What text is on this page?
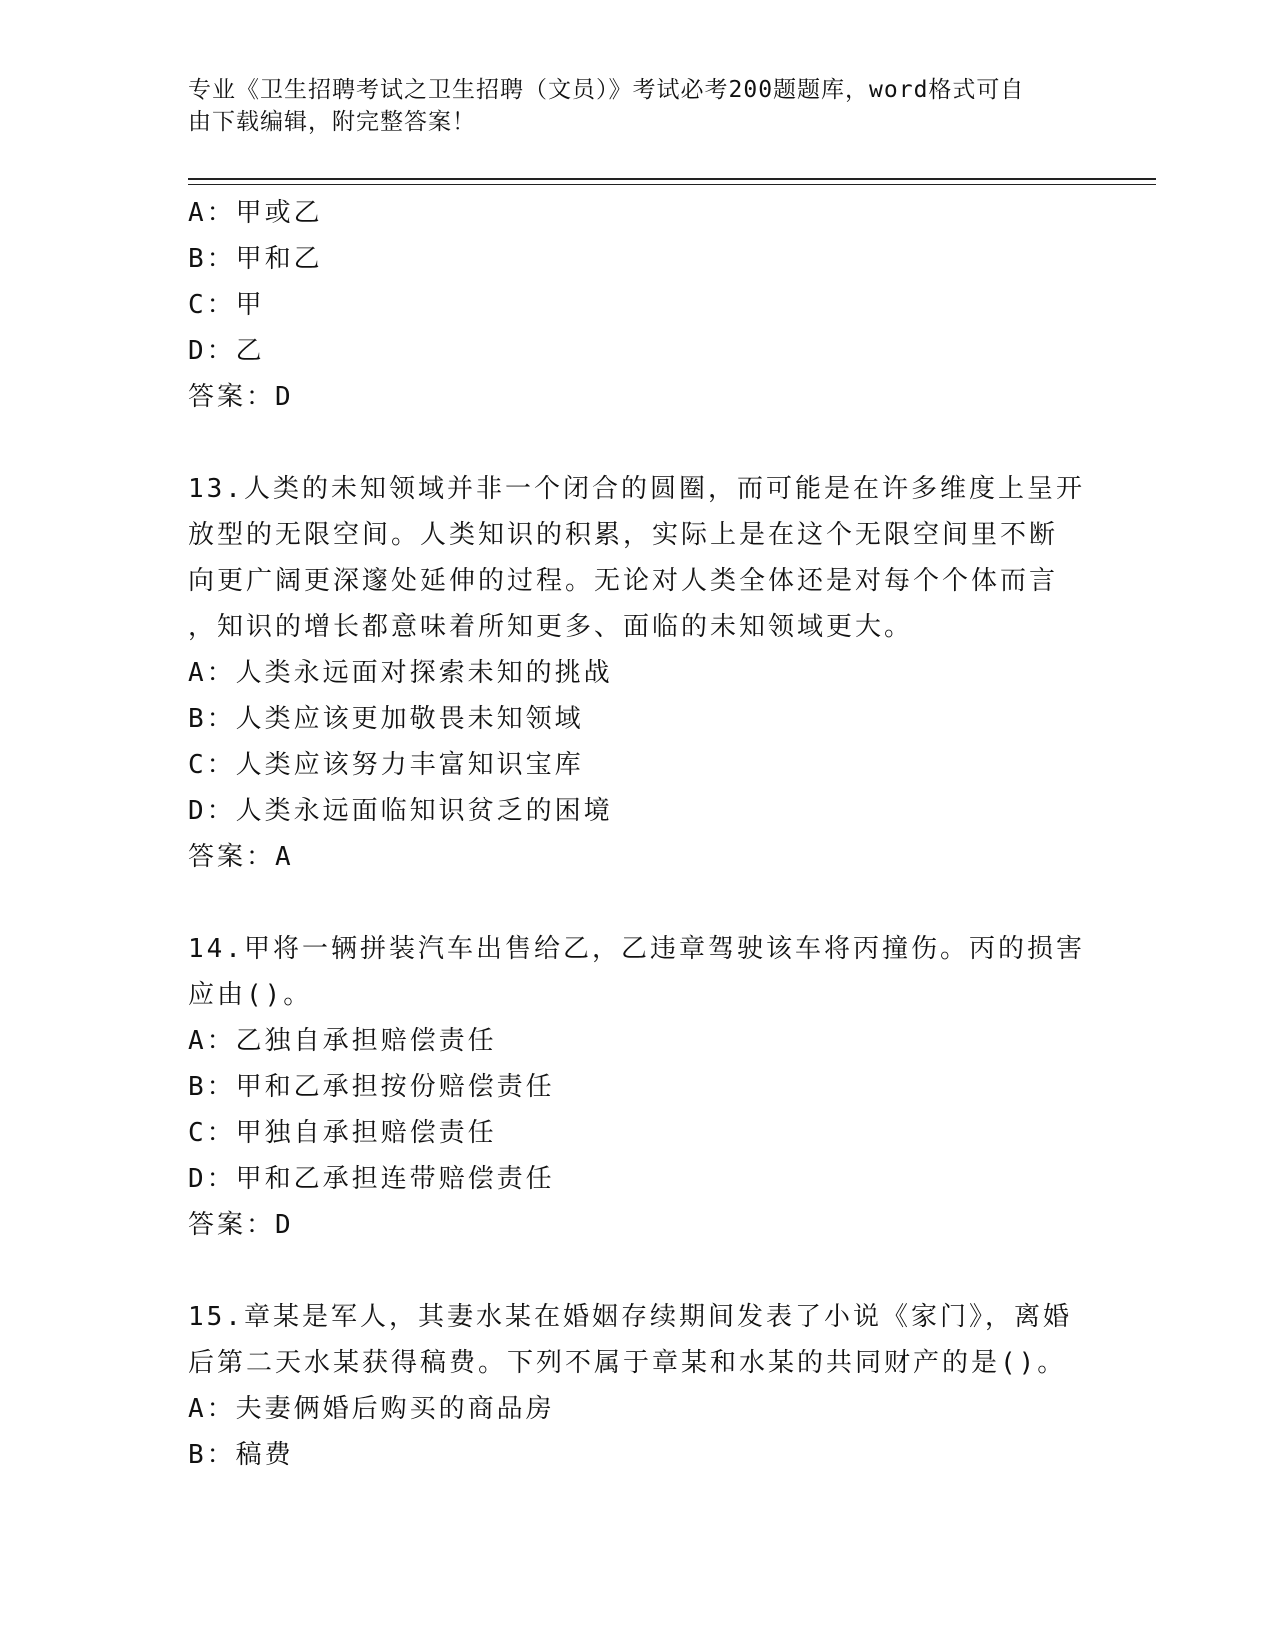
专业《卫生招聘考试之卫生招聘（文员）》考试必考200题题库，word格式可自
由下载编辑，附完整答案！
A：甲或乙
B：甲和乙
C：甲
D：乙
答案：D
13.人类的未知领域并非一个闭合的圆圈，而可能是在许多维度上呈开
放型的无限空间。人类知识的积累，实际上是在这个无限空间里不断
向更广阔更深邃处延伸的过程。无论对人类全体还是对每个个体而言
，知识的增长都意味着所知更多、面临的未知领域更大。
A：人类永远面对探索未知的挑战
B：人类应该更加敬畏未知领域
C：人类应该努力丰富知识宝库
D：人类永远面临知识贫乏的困境
答案：A
14.甲将一辆拼装汽车出售给乙，乙违章驾驶该车将丙撞伤。丙的损害
应由()。
A：乙独自承担赔偿责任
B：甲和乙承担按份赔偿责任
C：甲独自承担赔偿责任
D：甲和乙承担连带赔偿责任
答案：D
15.章某是军人，其妻水某在婚姻存续期间发表了小说《家门》，离婚
后第二天水某获得稿费。下列不属于章某和水某的共同财产的是()。
A：夫妻俩婚后购买的商品房
B：稿费
